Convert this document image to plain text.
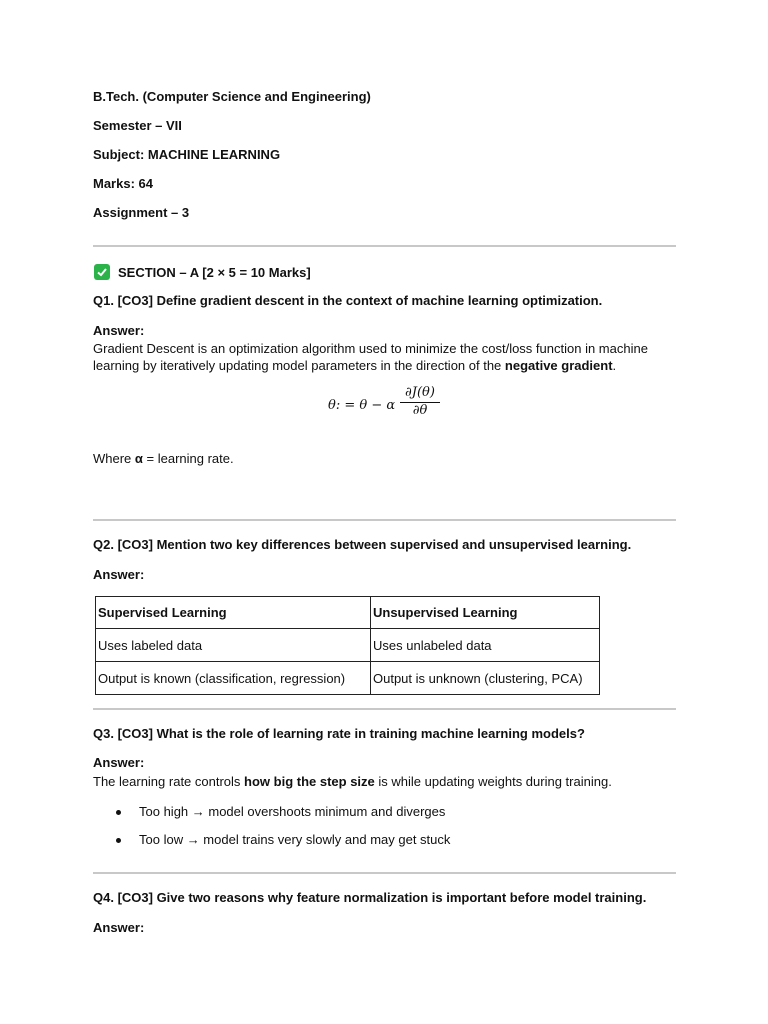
B.Tech. (Computer Science and Engineering)
Semester – VII
Subject: MACHINE LEARNING
Marks: 64
Assignment – 3
SECTION – A [2 × 5 = 10 Marks]
Q1. [CO3] Define gradient descent in the context of machine learning optimization.
Answer:
Gradient Descent is an optimization algorithm used to minimize the cost/loss function in machine
learning by iteratively updating model parameters in the direction of the negative gradient.
θ: = θ − α
∂J(θ)
∂θ
Where α = learning rate.
Q2. [CO3] Mention two key differences between supervised and unsupervised learning.
Answer:
Supervised Learning	Unsupervised Learning
Uses labeled data	Uses unlabeled data
Output is known (classification, regression)	Output is unknown (clustering, PCA)
Q3. [CO3] What is the role of learning rate in training machine learning models?
Answer:
The learning rate controls how big the step size is while updating weights during training.
Too high → model overshoots minimum and diverges
Too low → model trains very slowly and may get stuck
Q4. [CO3] Give two reasons why feature normalization is important before model training.
Answer:
